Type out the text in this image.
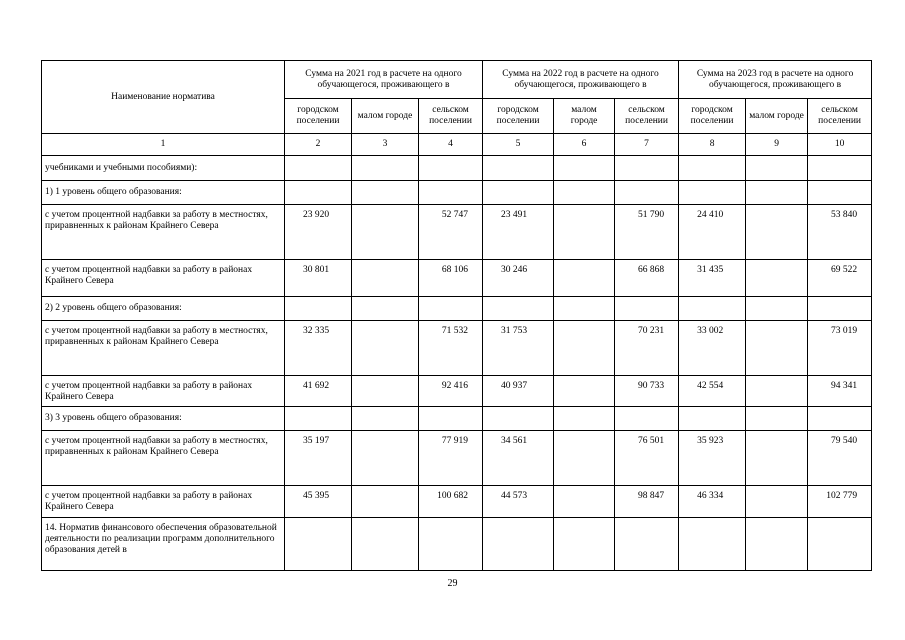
Наименование норматива	Сумма на 2021 год в расчете на одного обучающегося, проживающего в			Сумма на 2022 год в расчете на одного обучающегося, проживающего в			Сумма на 2023 год в расчете на одного обучающегося, проживающего в		
	городском поселении	малом городе	сельском поселении	городском поселении	малом городе	сельском поселении	городском поселении	малом городе	сельском поселении
1	2	3	4	5	6	7	8	9	10
учебниками и учебными пособиями):									
1) 1 уровень общего образования:									
с учетом процентной надбавки за работу в местностях, приравненных к районам Крайнего Севера	23 920		52 747	23 491		51 790	24 410		53 840
с учетом процентной надбавки за работу в районах Крайнего Севера	30 801		68 106	30 246		66 868	31 435		69 522
2) 2 уровень общего образования:									
с учетом процентной надбавки за работу в местностях, приравненных к районам Крайнего Севера	32 335		71 532	31 753		70 231	33 002		73 019
с учетом процентной надбавки за работу в районах Крайнего Севера	41 692		92 416	40 937		90 733	42 554		94 341
3) 3 уровень общего образования:									
с учетом процентной надбавки за работу в местностях, приравненных к районам Крайнего Севера	35 197		77 919	34 561		76 501	35 923		79 540
с учетом процентной надбавки за работу в районах Крайнего Севера	45 395		100 682	44 573		98 847	46 334		102 779
14. Норматив финансового обеспечения образовательной деятельности по реализации программ дополнительного образования детей в									
29
